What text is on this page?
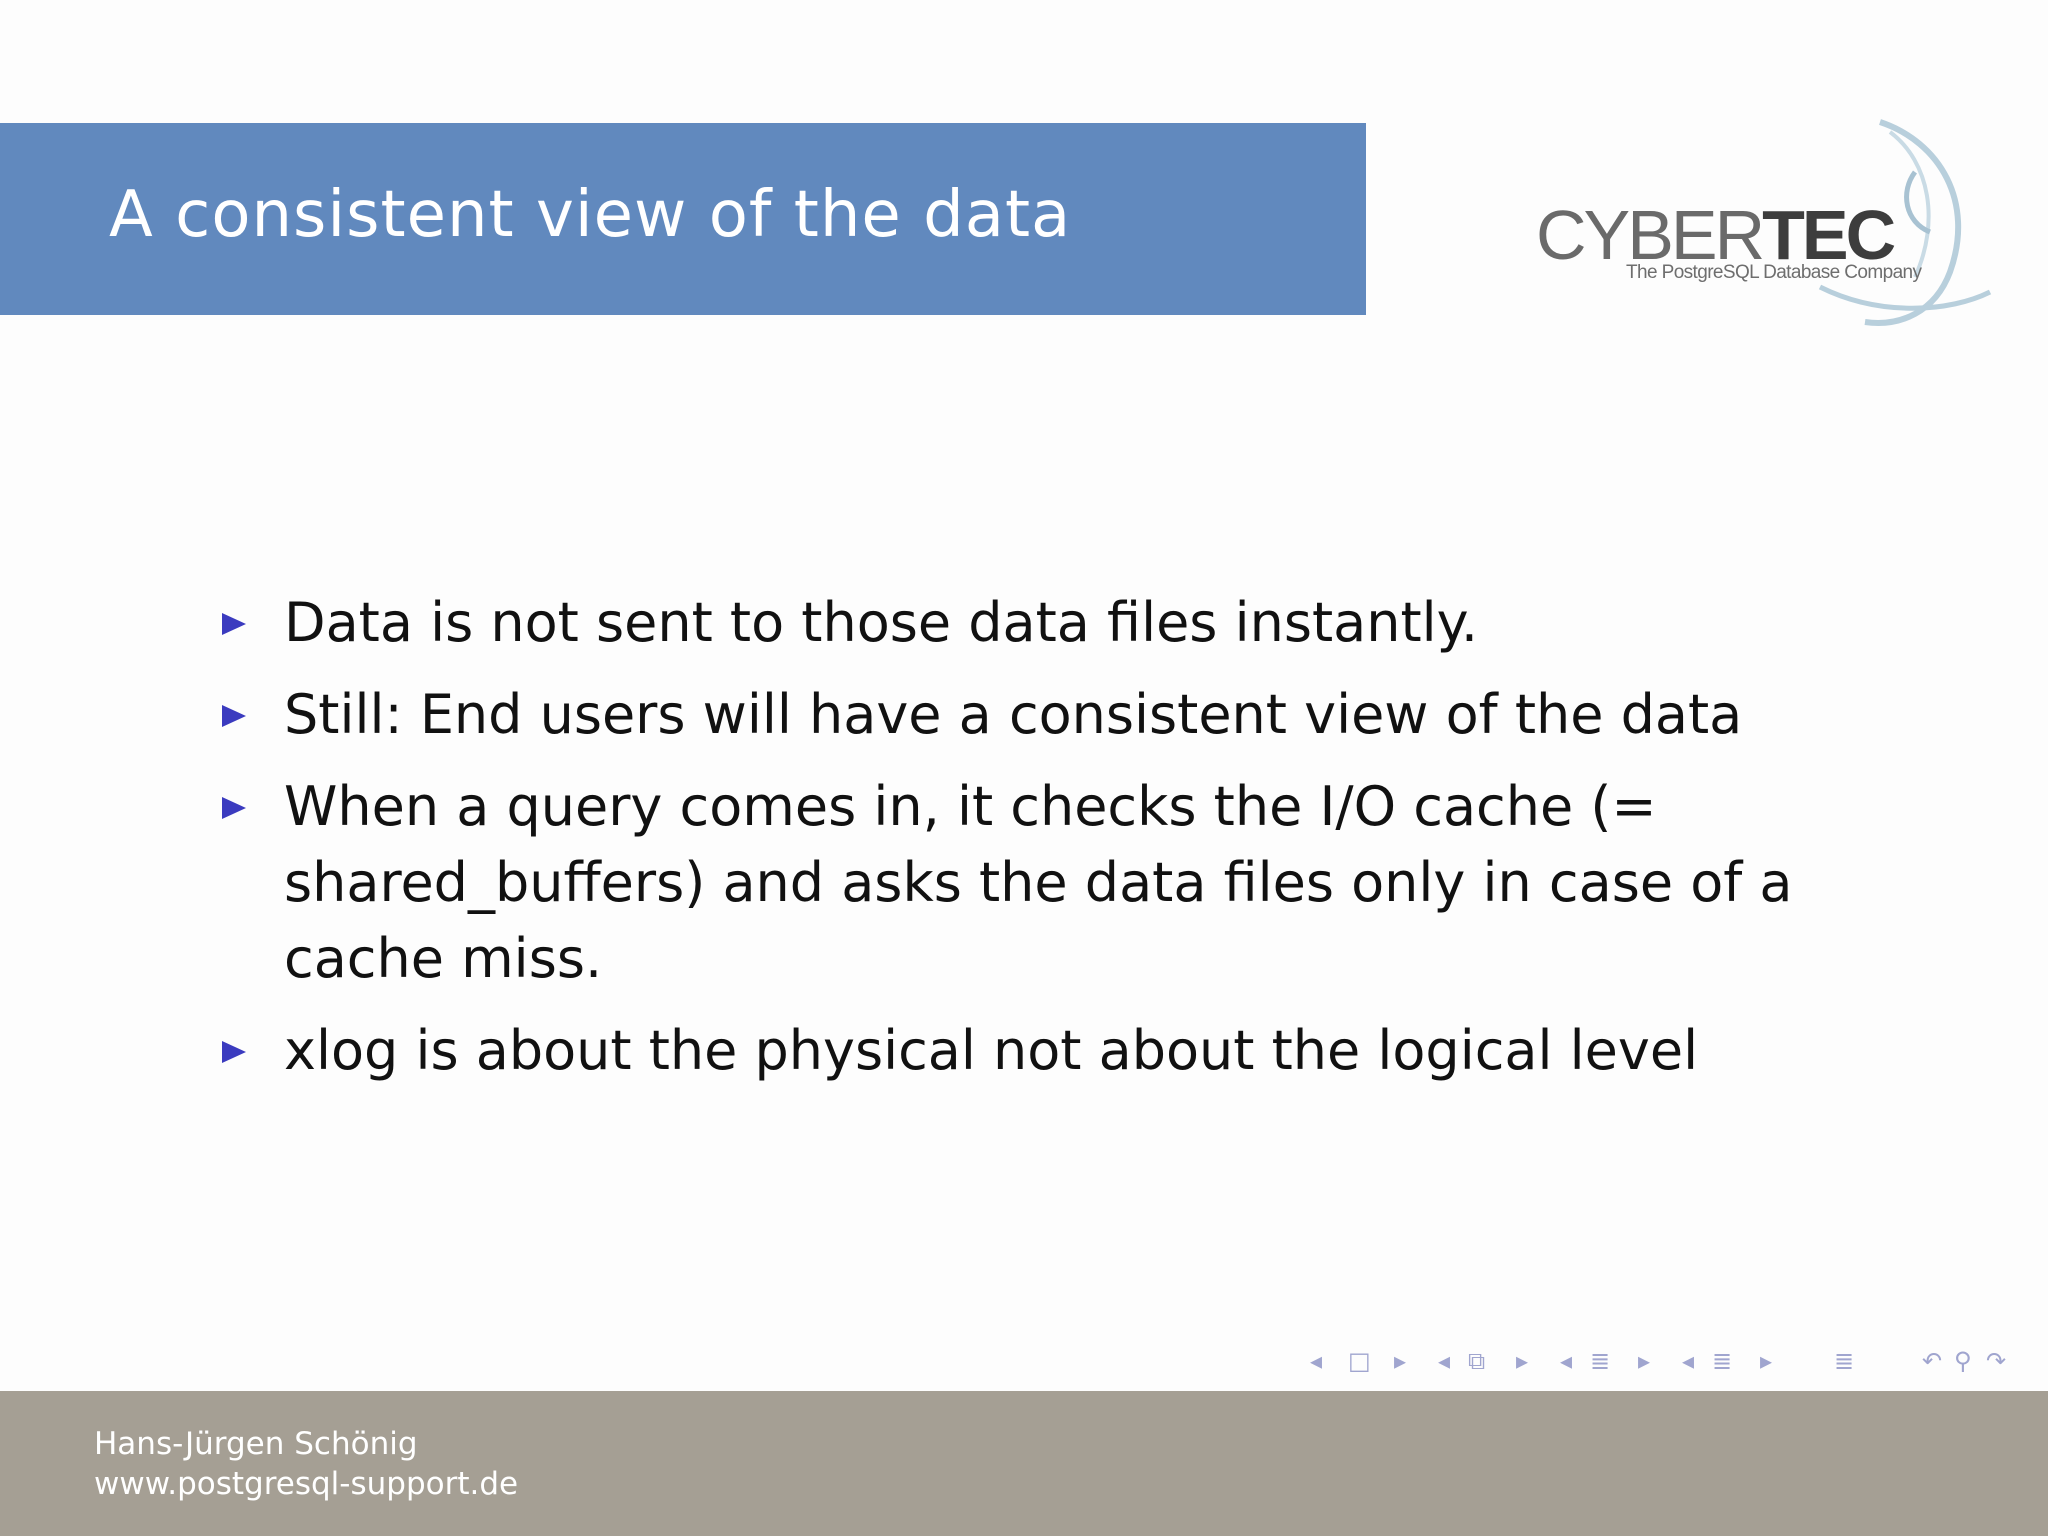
A consistent view of the data	CYBERTEC
The PostgreSQL Database Company
Data is not sent to those data files instantly.
Still: End users will have a consistent view of the data
When a query comes in, it checks the I/O cache (= shared_buffers) and asks the data files only in case of a cache miss.
xlog is about the physical not about the logical level
◂ □ ▸ ◂ ⧉ ▸ ◂ ≣ ▸ ◂ ≣ ▸	≣	↶ ⚲ ↷
Hans-Jürgen Schönig
www.postgresql-support.de
